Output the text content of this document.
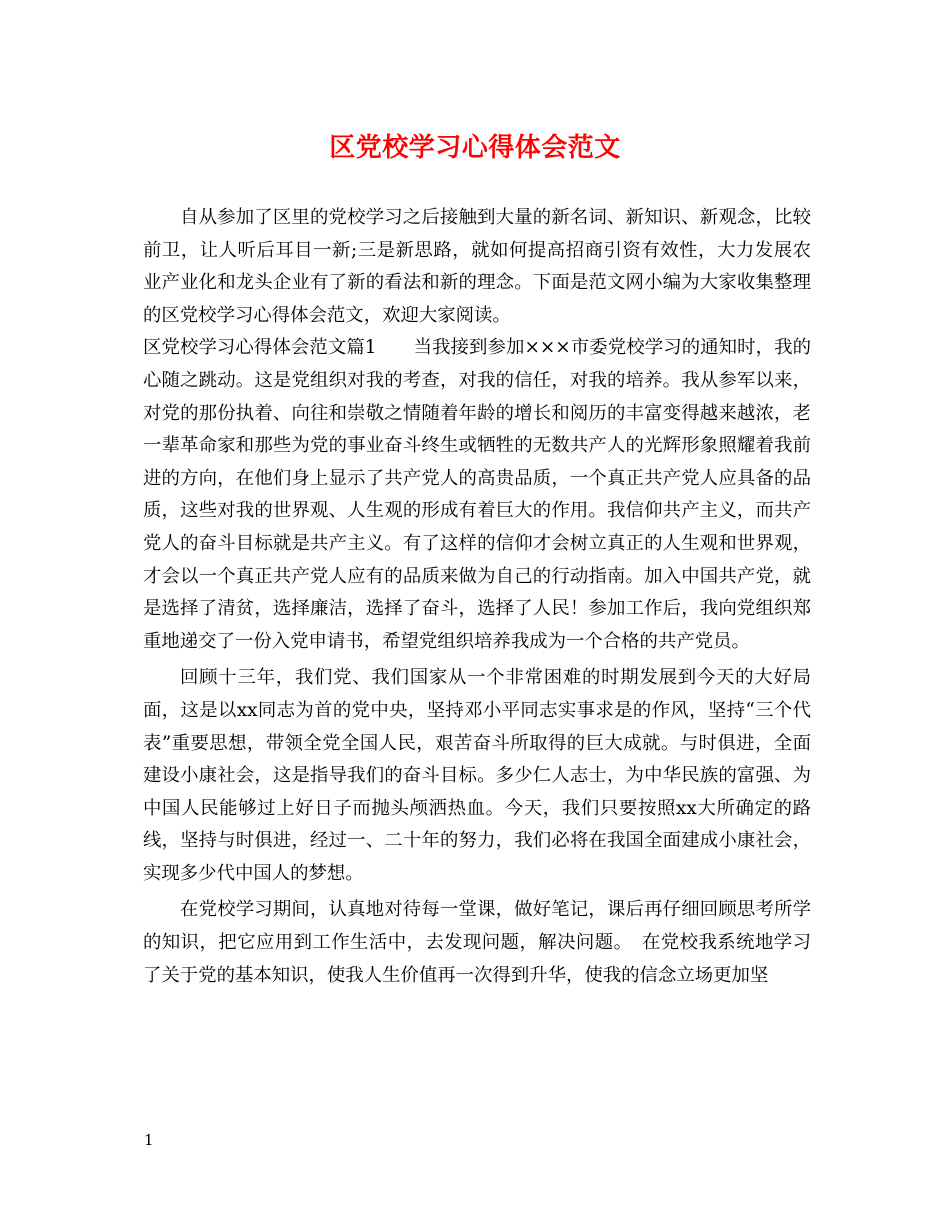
区党校学习心得体会范文

自从参加了区里的党校学习之后接触到大量的新名词、新知识、新观念，比较前卫，让人听后耳目一新;三是新思路，就如何提高招商引资有效性，大力发展农业产业化和龙头企业有了新的看法和新的理念。下面是范文网小编为大家收集整理的区党校学习心得体会范文，欢迎大家阅读。

区党校学习心得体会范文篇1　　当我接到参加×××市委党校学习的通知时，我的心随之跳动。这是党组织对我的考查，对我的信任，对我的培养。我从参军以来，对党的那份执着、向往和崇敬之情随着年龄的增长和阅历的丰富变得越来越浓，老一辈革命家和那些为党的事业奋斗终生或牺牲的无数共产人的光辉形象照耀着我前进的方向，在他们身上显示了共产党人的高贵品质，一个真正共产党人应具备的品质，这些对我的世界观、人生观的形成有着巨大的作用。我信仰共产主义，而共产党人的奋斗目标就是共产主义。有了这样的信仰才会树立真正的人生观和世界观，才会以一个真正共产党人应有的品质来做为自己的行动指南。加入中国共产党，就是选择了清贫，选择廉洁，选择了奋斗，选择了人民！参加工作后，我向党组织郑重地递交了一份入党申请书，希望党组织培养我成为一个合格的共产党员。

回顾十三年，我们党、我们国家从一个非常困难的时期发展到今天的大好局面，这是以xx同志为首的党中央，坚持邓小平同志实事求是的作风，坚持“三个代表”重要思想，带领全党全国人民，艰苦奋斗所取得的巨大成就。与时俱进，全面建设小康社会，这是指导我们的奋斗目标。多少仁人志士，为中华民族的富强、为中国人民能够过上好日子而抛头颅洒热血。今天，我们只要按照xx大所确定的路线，坚持与时俱进，经过一、二十年的努力，我们必将在我国全面建成小康社会，实现多少代中国人的梦想。

在党校学习期间，认真地对待每一堂课，做好笔记，课后再仔细回顾思考所学的知识，把它应用到工作生活中，去发现问题，解决问题。　在党校我系统地学习了关于党的基本知识，使我人生价值再一次得到升华，使我的信念立场更加坚

1
